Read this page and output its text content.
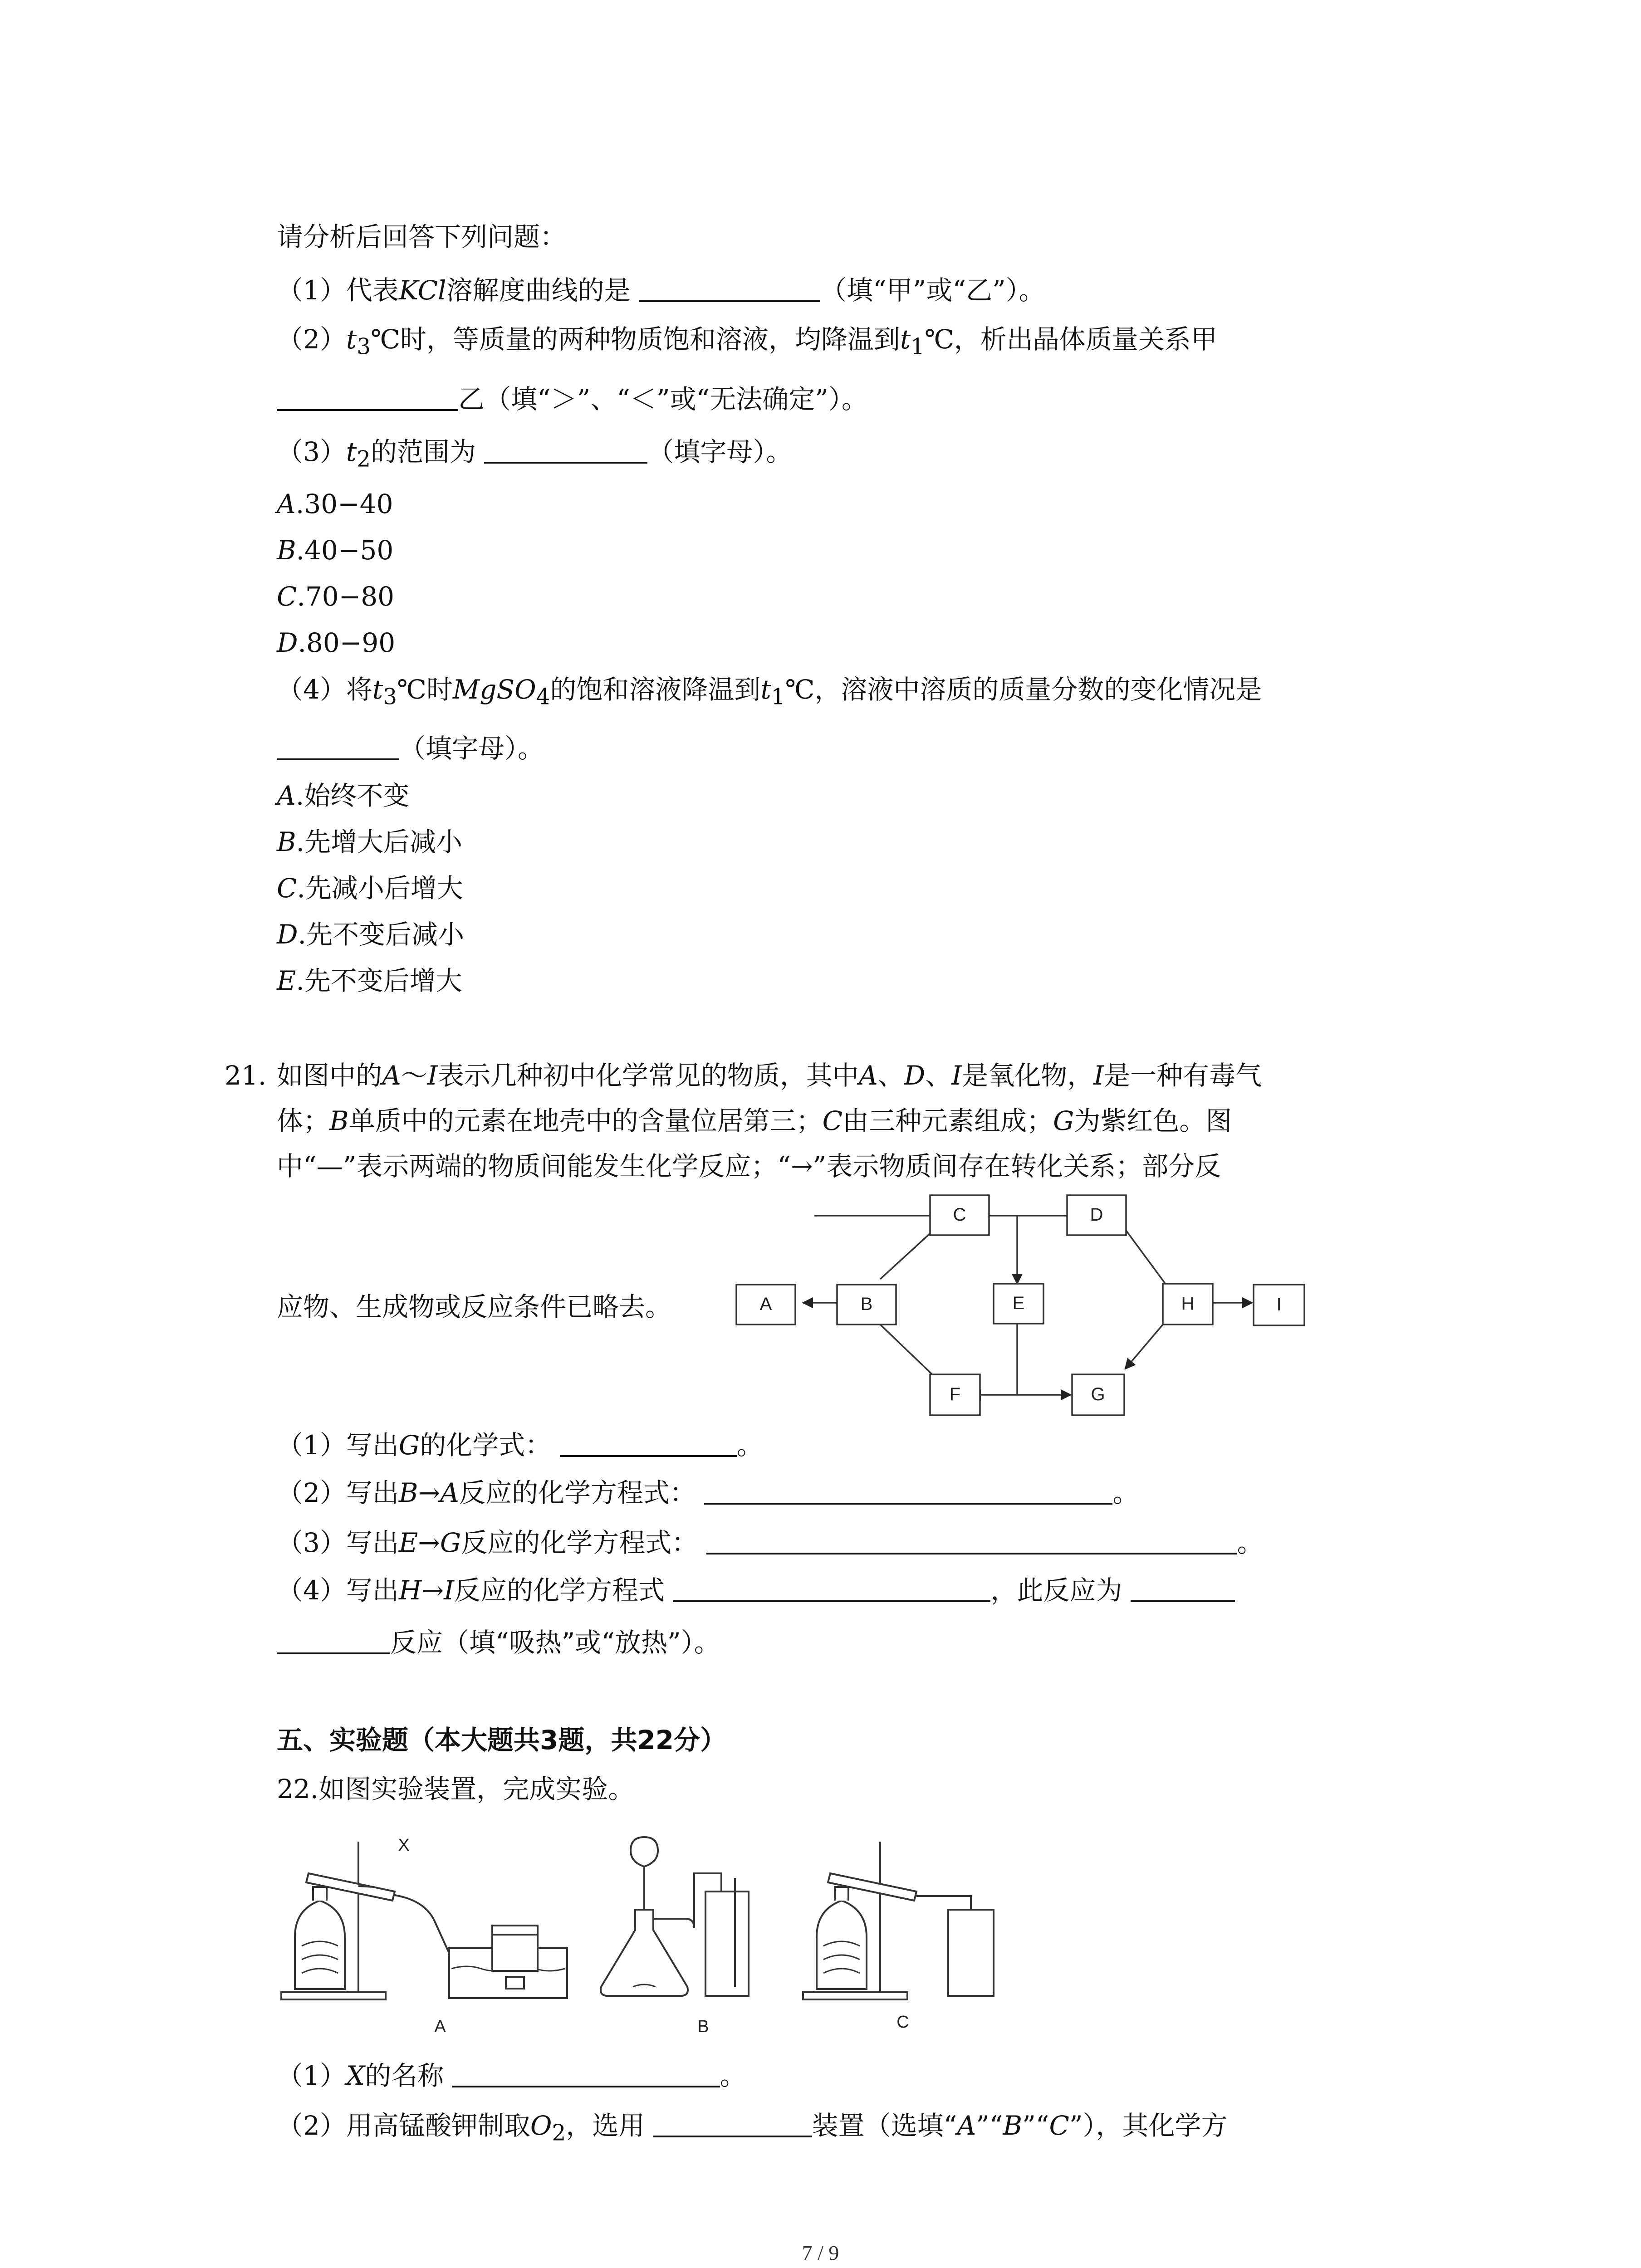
请分析后回答下列问题：
（1）代表KCl溶解度曲线的是	（填“甲”或“乙”）。
$(2)t_3℃$时，等质量的两种物质饱和溶液，均降温到$t_1℃$，析出晶体质量关系甲
乙（填“＞”、“＜”或“无法确定”）。
$(3)t_2$的范围为	（填字母）。
A.30−40
B.40−50
C.70−80
D.80−90
（4）将$t_3℃$时MgSO$_4$的饱和溶液降温到$t_1℃$，溶液中溶质的质量分数的变化情况是
（填字母）。
A.始终不变
B.先增大后减小
C.先减小后增大
D.先不变后减小
E.先不变后增大
21. 如图中的A～I表示几种初中化学常见的物质，其中A、D、I是氧化物，I是一种有毒气
体；B单质中的元素在地壳中的含量位居第三；C由三种元素组成；G为紫红色。图
中“—”表示两端的物质间能发生化学反应；“→”表示物质间存在转化关系；部分反
应物、生成物或反应条件已略去。	A	B
C	D
E
F	G
H	I
（1）写出G的化学式：	。
（2）写出B→A反应的化学方程式：	。
（3）写出E→G反应的化学方程式：	。
（4）写出H→I反应的化学方程式	，此反应为
反应（填“吸热”或“放热”）。
五、实验题（本大题共3题，共22分）
22.如图实验装置，完成实验。
X
A	B	C
（1）X的名称	。
（2）用高锰酸钾制取$O_2$，选用	装置（选填“A”“B”“C”），其化学方
7 / 9
